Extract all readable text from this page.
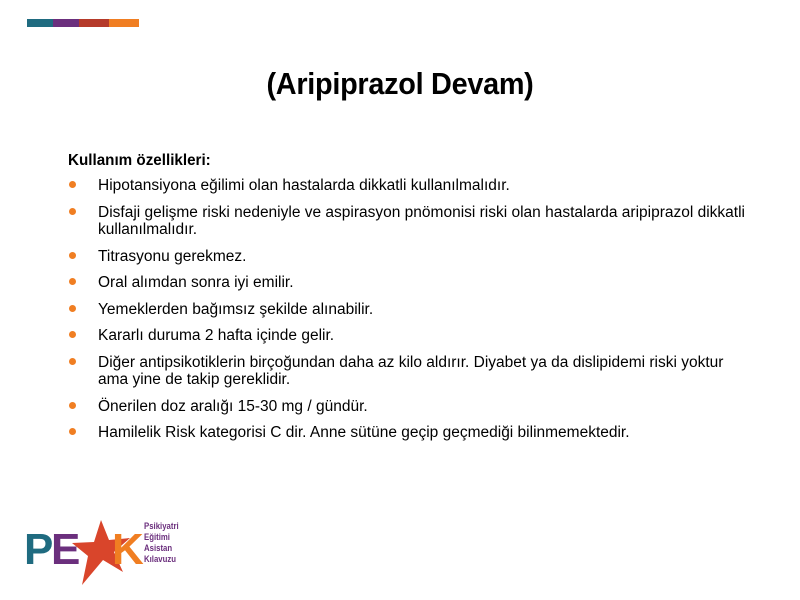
(Aripiprazol Devam)
Kullanım özellikleri:
Hipotansiyona eğilimi olan hastalarda dikkatli kullanılmalıdır.
Disfaji gelişme riski nedeniyle ve aspirasyon pnömonisi riski olan hastalarda aripiprazol dikkatli kullanılmalıdır.
Titrasyonu gerekmez.
Oral alımdan sonra iyi emilir.
Yemeklerden bağımsız şekilde alınabilir.
Kararlı duruma 2 hafta içinde gelir.
Diğer antipsikotiklerin birçoğundan daha az kilo aldırır. Diyabet ya da dislipidemi riski yoktur ama yine de takip gereklidir.
Önerilen doz aralığı 15-30 mg / gündür.
Hamilelik Risk kategorisi C dir. Anne sütüne geçip geçmediği bilinmemektedir.
P
E K Psikiyatri
Eğitimi
Asistan
Kılavuzu
